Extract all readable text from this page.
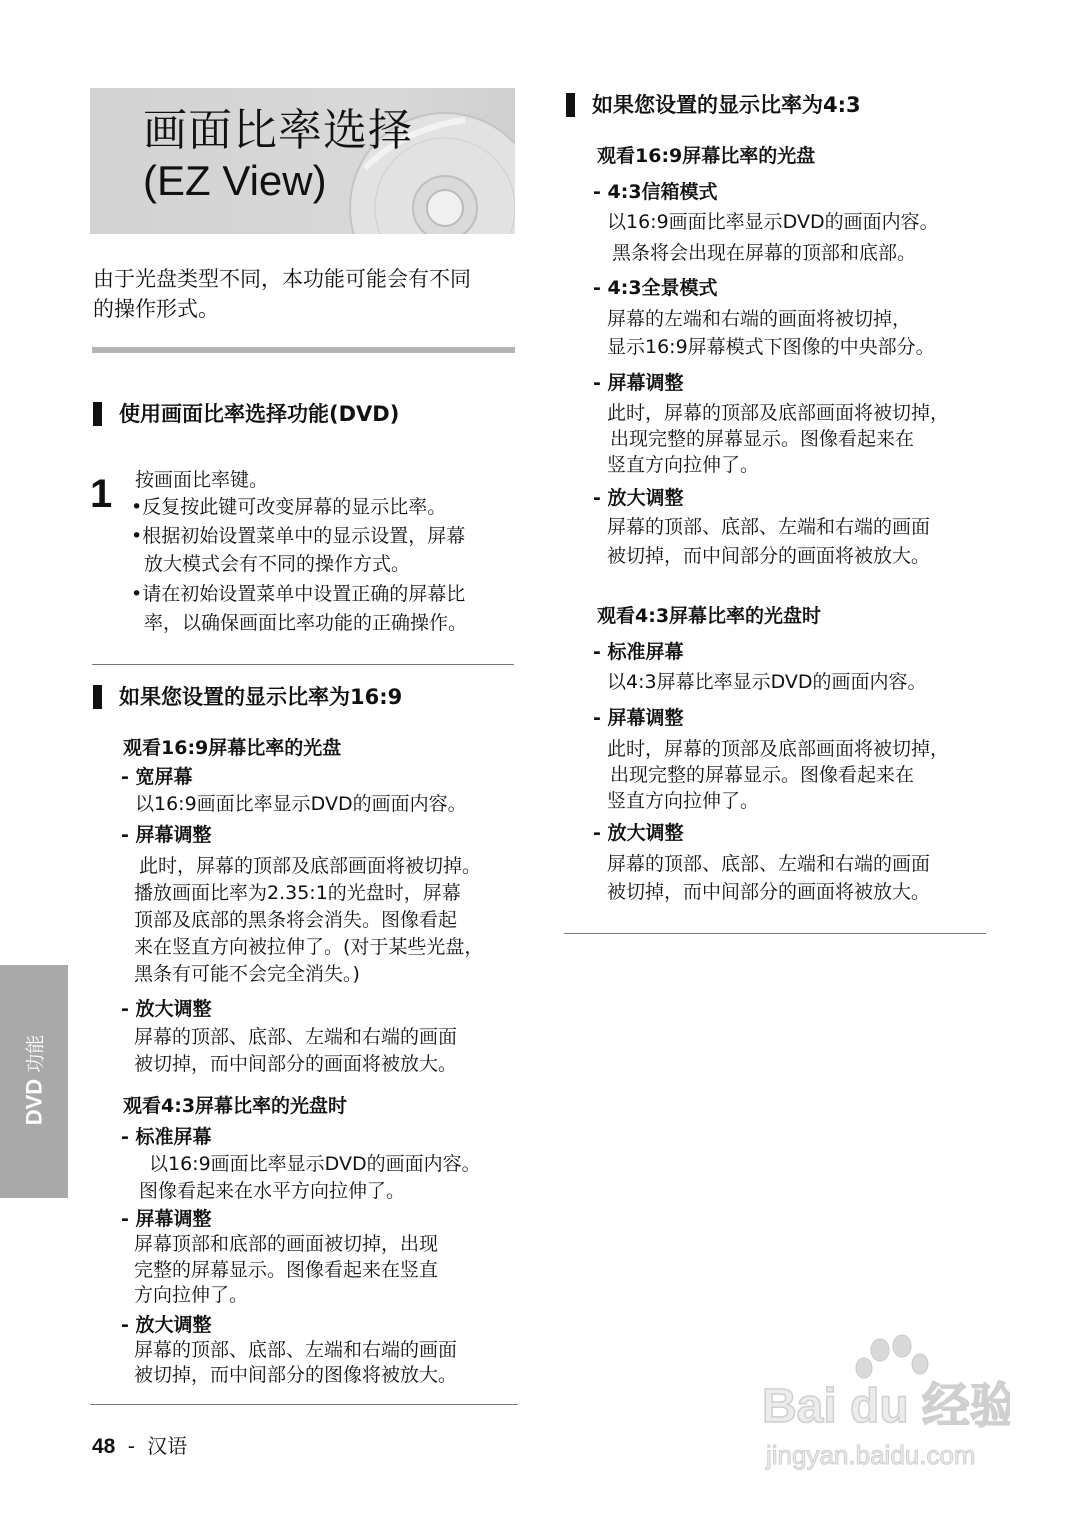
画面比率选择
(EZ View)
由于光盘类型不同，本功能可能会有不同
的操作形式。
使用画面比率选择功能(DVD)
1 按画面比率键。
•反复按此键可改变屏幕的显示比率。
•根据初始设置菜单中的显示设置，屏幕
放大模式会有不同的操作方式。
•请在初始设置菜单中设置正确的屏幕比
率，以确保画面比率功能的正确操作。
如果您设置的显示比率为16:9
观看16:9屏幕比率的光盘
- 宽屏幕
以16:9画面比率显示DVD的画面内容。
- 屏幕调整
此时，屏幕的顶部及底部画面将被切掉。
播放画面比率为2.35:1的光盘时，屏幕
顶部及底部的黑条将会消失。图像看起
来在竖直方向被拉伸了。(对于某些光盘，
黑条有可能不会完全消失。)
- 放大调整
屏幕的顶部、底部、左端和右端的画面
被切掉，而中间部分的画面将被放大。
观看4:3屏幕比率的光盘时
- 标准屏幕
以16:9画面比率显示DVD的画面内容。
图像看起来在水平方向拉伸了。
- 屏幕调整
屏幕顶部和底部的画面被切掉，出现
完整的屏幕显示。图像看起来在竖直
方向拉伸了。
- 放大调整
屏幕的顶部、底部、左端和右端的画面
被切掉，而中间部分的图像将被放大。
如果您设置的显示比率为4:3
观看16:9屏幕比率的光盘
- 4:3信箱模式
以16:9画面比率显示DVD的画面内容。
黑条将会出现在屏幕的顶部和底部。
- 4:3全景模式
屏幕的左端和右端的画面将被切掉，
显示16:9屏幕模式下图像的中央部分。
- 屏幕调整
此时，屏幕的顶部及底部画面将被切掉，
出现完整的屏幕显示。图像看起来在
竖直方向拉伸了。
- 放大调整
屏幕的顶部、底部、左端和右端的画面
被切掉，而中间部分的画面将被放大。
观看4:3屏幕比率的光盘时
- 标准屏幕
以4:3屏幕比率显示DVD的画面内容。
- 屏幕调整
此时，屏幕的顶部及底部画面将被切掉，
出现完整的屏幕显示。图像看起来在
竖直方向拉伸了。
- 放大调整
屏幕的顶部、底部、左端和右端的画面
被切掉，而中间部分的画面将被放大。
DVD 功能
48 - 汉语
Bai du 经验
jingyan.baidu.com
